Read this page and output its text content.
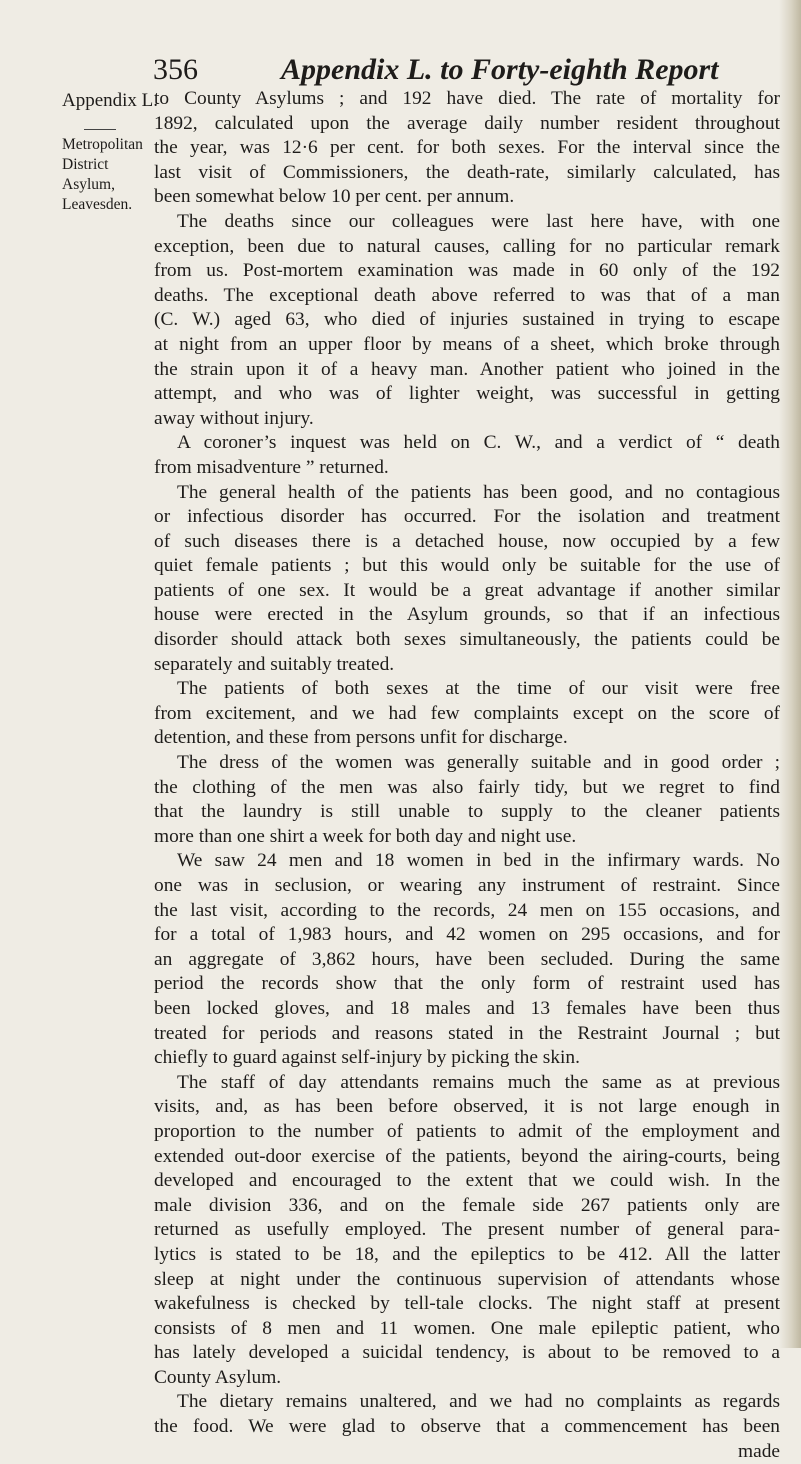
356	Appendix L. to Forty-eighth Report
Appendix L.
Metropolitan
District
Asylum,
Leavesden.
to County Asylums ; and 192 have died. The rate of mortality for
1892, calculated upon the average daily number resident throughout
the year, was 12·6 per cent. for both sexes. For the interval since the
last visit of Commissioners, the death-rate, similarly calculated, has
been somewhat below 10 per cent. per annum.
The deaths since our colleagues were last here have, with one
exception, been due to natural causes, calling for no particular remark
from us. Post-mortem examination was made in 60 only of the 192
deaths. The exceptional death above referred to was that of a man
(C. W.) aged 63, who died of injuries sustained in trying to escape
at night from an upper floor by means of a sheet, which broke through
the strain upon it of a heavy man. Another patient who joined in the
attempt, and who was of lighter weight, was successful in getting
away without injury.
A coroner’s inquest was held on C. W., and a verdict of “ death
from misadventure ” returned.
The general health of the patients has been good, and no contagious
or infectious disorder has occurred. For the isolation and treatment
of such diseases there is a detached house, now occupied by a few
quiet female patients ; but this would only be suitable for the use of
patients of one sex. It would be a great advantage if another similar
house were erected in the Asylum grounds, so that if an infectious
disorder should attack both sexes simultaneously, the patients could be
separately and suitably treated.
The patients of both sexes at the time of our visit were free
from excitement, and we had few complaints except on the score of
detention, and these from persons unfit for discharge.
The dress of the women was generally suitable and in good order ;
the clothing of the men was also fairly tidy, but we regret to find
that the laundry is still unable to supply to the cleaner patients
more than one shirt a week for both day and night use.
We saw 24 men and 18 women in bed in the infirmary wards. No
one was in seclusion, or wearing any instrument of restraint. Since
the last visit, according to the records, 24 men on 155 occasions, and
for a total of 1,983 hours, and 42 women on 295 occasions, and for
an aggregate of 3,862 hours, have been secluded. During the same
period the records show that the only form of restraint used has
been locked gloves, and 18 males and 13 females have been thus
treated for periods and reasons stated in the Restraint Journal ; but
chiefly to guard against self-injury by picking the skin.
The staff of day attendants remains much the same as at previous
visits, and, as has been before observed, it is not large enough in
proportion to the number of patients to admit of the employment and
extended out-door exercise of the patients, beyond the airing-courts, being
developed and encouraged to the extent that we could wish. In the
male division 336, and on the female side 267 patients only are
returned as usefully employed. The present number of general para-
lytics is stated to be 18, and the epileptics to be 412. All the latter
sleep at night under the continuous supervision of attendants whose
wakefulness is checked by tell-tale clocks. The night staff at present
consists of 8 men and 11 women. One male epileptic patient, who
has lately developed a suicidal tendency, is about to be removed to a
County Asylum.
The dietary remains unaltered, and we had no complaints as regards
the food. We were glad to observe that a commencement has been
made
